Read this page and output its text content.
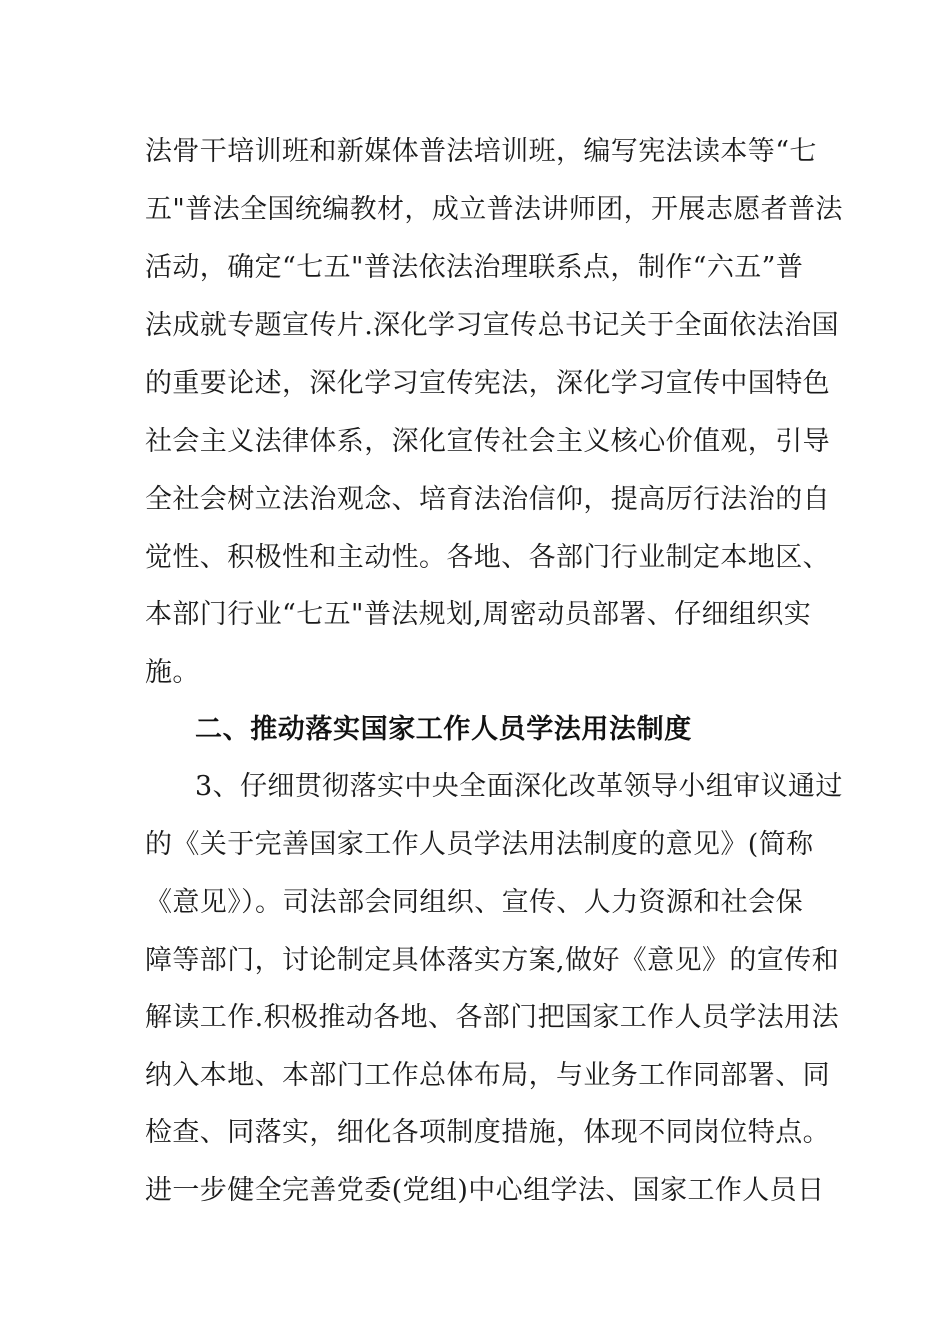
法骨干培训班和新媒体普法培训班，编写宪法读本等“七
五"普法全国统编教材，成立普法讲师团，开展志愿者普法
活动，确定“七五"普法依法治理联系点，制作“六五”普
法成就专题宣传片.深化学习宣传总书记关于全面依法治国
的重要论述，深化学习宣传宪法，深化学习宣传中国特色
社会主义法律体系，深化宣传社会主义核心价值观，引导
全社会树立法治观念、培育法治信仰，提高厉行法治的自
觉性、积极性和主动性。各地、各部门行业制定本地区、
本部门行业“七五"普法规划,周密动员部署、仔细组织实
施。
二、推动落实国家工作人员学法用法制度
3、仔细贯彻落实中央全面深化改革领导小组审议通过
的《关于完善国家工作人员学法用法制度的意见》(简称
《意见》）。司法部会同组织、宣传、人力资源和社会保
障等部门，讨论制定具体落实方案,做好《意见》的宣传和
解读工作.积极推动各地、各部门把国家工作人员学法用法
纳入本地、本部门工作总体布局，与业务工作同部署、同
检查、同落实，细化各项制度措施，体现不同岗位特点。
进一步健全完善党委(党组)中心组学法、国家工作人员日
